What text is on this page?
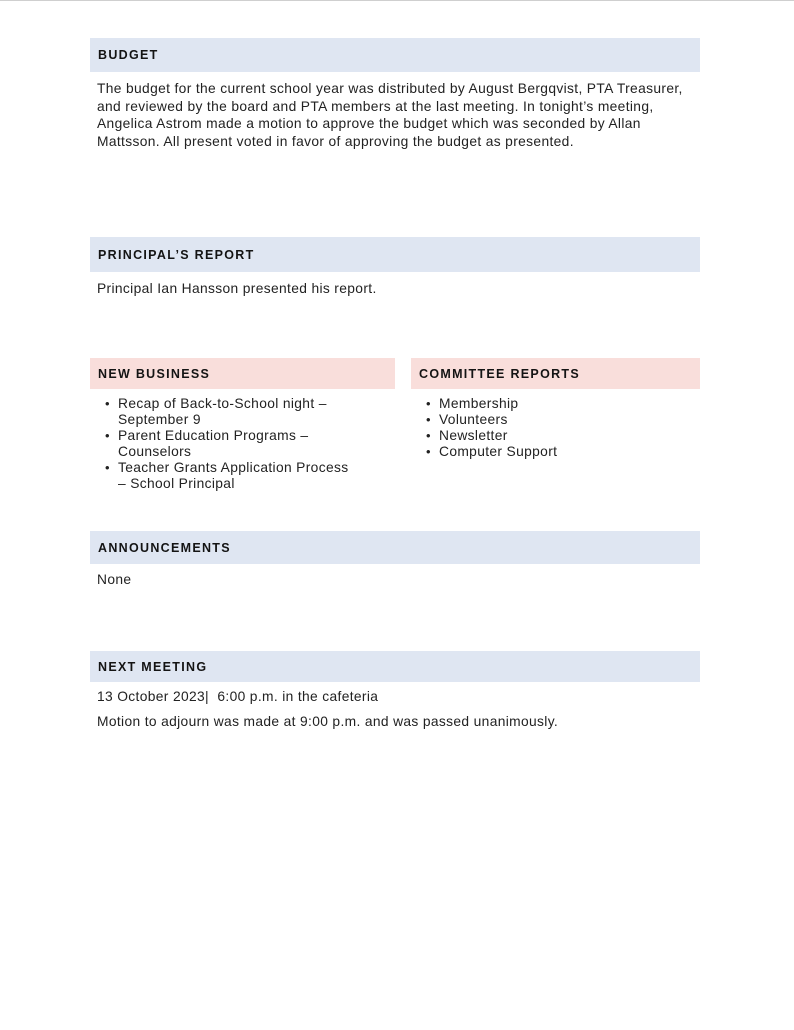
BUDGET
The budget for the current school year was distributed by August Bergqvist, PTA Treasurer, and reviewed by the board and PTA members at the last meeting. In tonight’s meeting, Angelica Astrom made a motion to approve the budget which was seconded by Allan Mattsson. All present voted in favor of approving the budget as presented.
PRINCIPAL’S REPORT
Principal Ian Hansson presented his report.
NEW BUSINESS
• Recap of Back-to-School night – September 9
• Parent Education Programs – Counselors
• Teacher Grants Application Process – School Principal
COMMITTEE REPORTS
• Membership
• Volunteers
• Newsletter
• Computer Support
ANNOUNCEMENTS
None
NEXT MEETING
13 October 2023| 6:00 p.m. in the cafeteria
Motion to adjourn was made at 9:00 p.m. and was passed unanimously.
